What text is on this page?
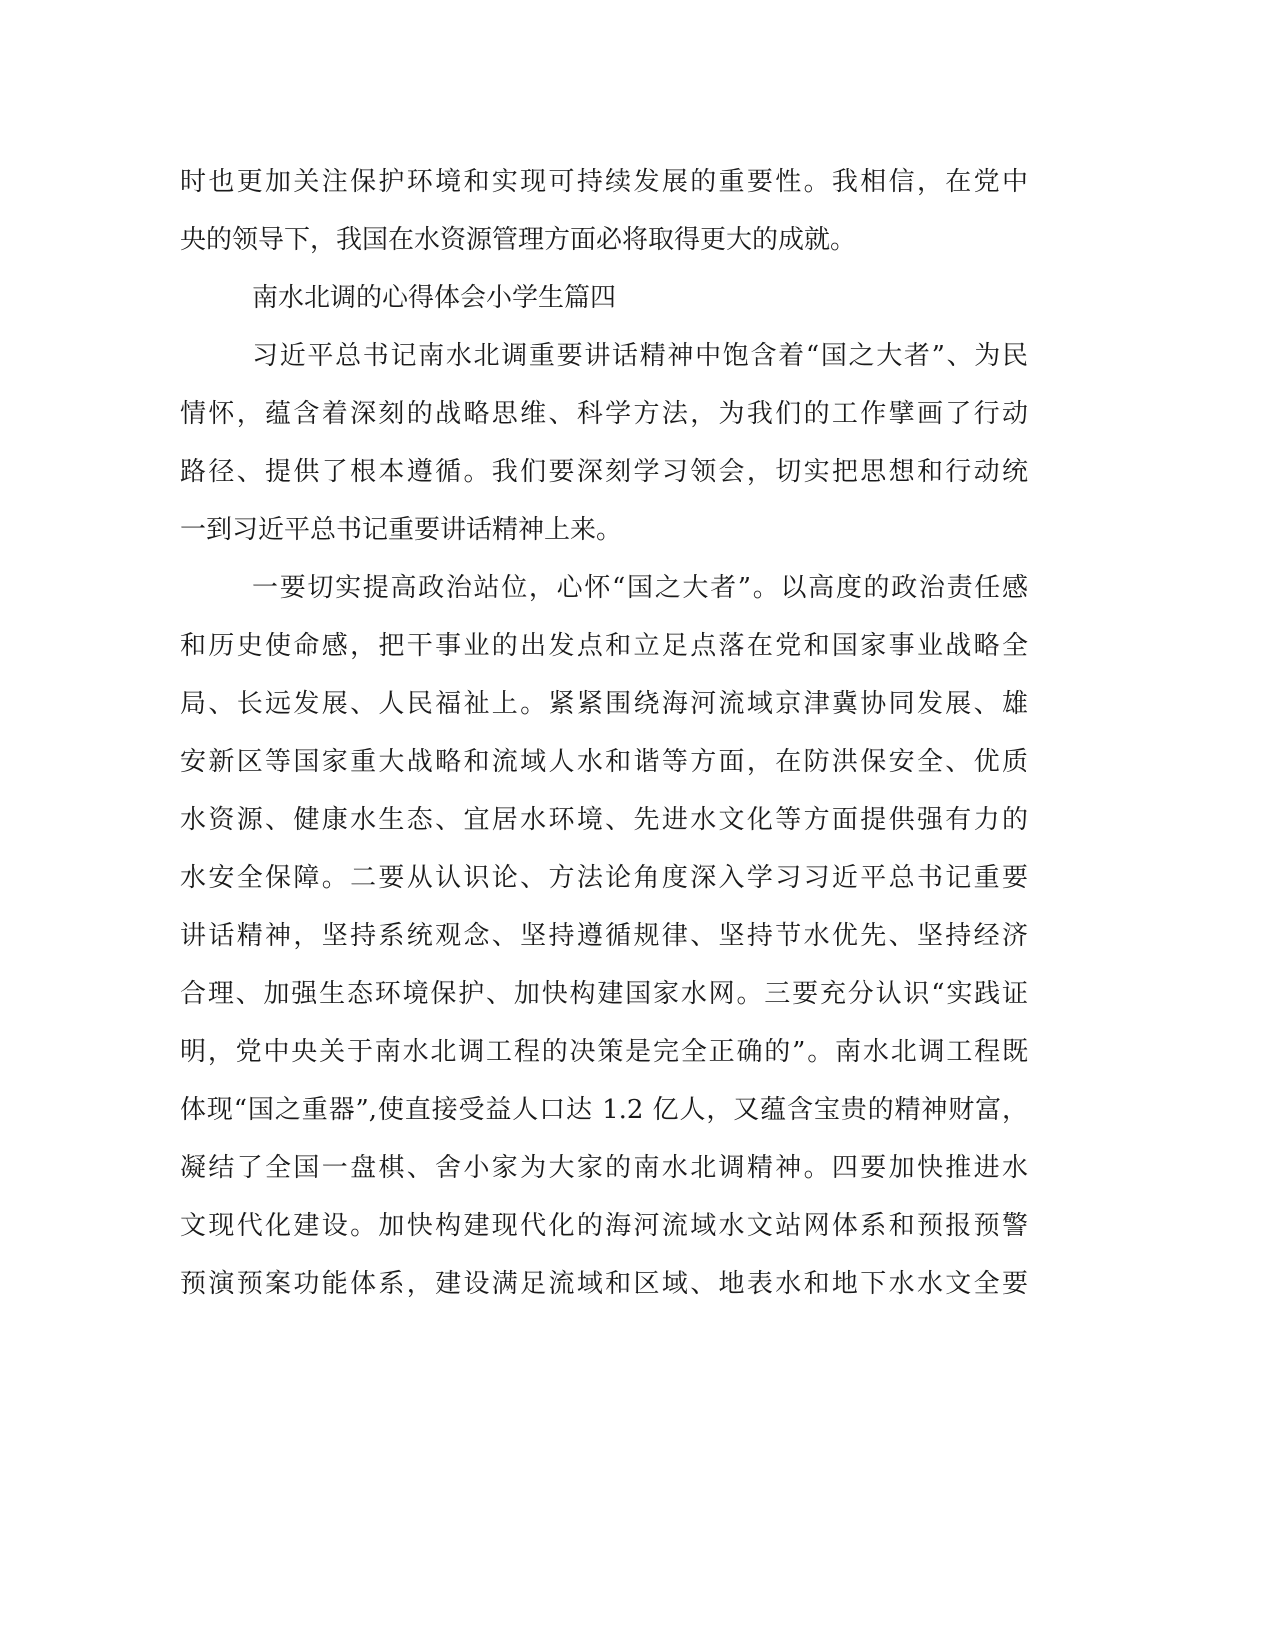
时也更加关注保护环境和实现可持续发展的重要性。我相信，在党中
央的领导下，我国在水资源管理方面必将取得更大的成就。
南水北调的心得体会小学生篇四
习近平总书记南水北调重要讲话精神中饱含着“国之大者”、为民
情怀，蕴含着深刻的战略思维、科学方法，为我们的工作擘画了行动
路径、提供了根本遵循。我们要深刻学习领会，切实把思想和行动统
一到习近平总书记重要讲话精神上来。
一要切实提高政治站位，心怀“国之大者”。以高度的政治责任感
和历史使命感，把干事业的出发点和立足点落在党和国家事业战略全
局、长远发展、人民福祉上。紧紧围绕海河流域京津冀协同发展、雄
安新区等国家重大战略和流域人水和谐等方面，在防洪保安全、优质
水资源、健康水生态、宜居水环境、先进水文化等方面提供强有力的
水安全保障。二要从认识论、方法论角度深入学习习近平总书记重要
讲话精神，坚持系统观念、坚持遵循规律、坚持节水优先、坚持经济
合理、加强生态环境保护、加快构建国家水网。三要充分认识“实践证
明，党中央关于南水北调工程的决策是完全正确的”。南水北调工程既
体现“国之重器”,使直接受益人口达 1.2 亿人，又蕴含宝贵的精神财富，
凝结了全国一盘棋、舍小家为大家的南水北调精神。四要加快推进水
文现代化建设。加快构建现代化的海河流域水文站网体系和预报预警
预演预案功能体系，建设满足流域和区域、地表水和地下水水文全要
